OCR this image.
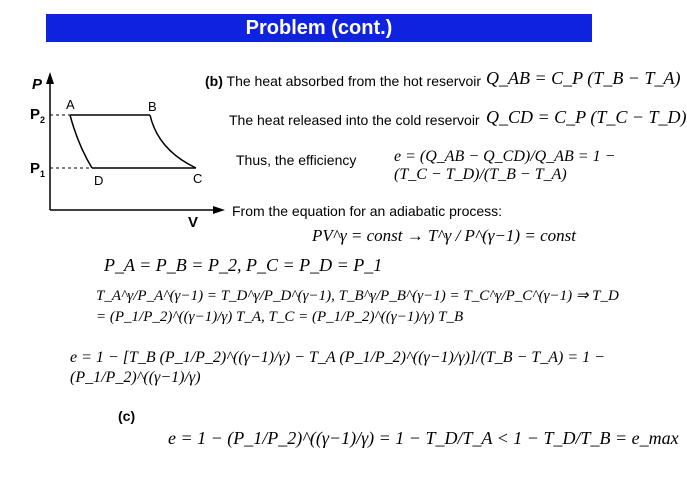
Problem (cont.)
P
V
$P_2$
$P_1$
A	B
C
D
(b) The heat absorbed from the hot reservoir Q_AB = C_P (T_B − T_A)
The heat released into the cold reservoir Q_CD = C_P (T_C − T_D)
Thus, the efficiency e = (Q_AB − Q_CD)/Q_AB = 1 − (T_C − T_D)/(T_B − T_A)
From the equation for an adiabatic process:
PV^γ = const → T^γ / P^(γ−1) = const
P_A = P_B = P_2, P_C = P_D = P_1
T_A^γ/P_A^(γ−1) = T_D^γ/P_D^(γ−1), T_B^γ/P_B^(γ−1) = T_C^γ/P_C^(γ−1) ⇒ T_D = (P_1/P_2)^((γ−1)/γ) T_A, T_C = (P_1/P_2)^((γ−1)/γ) T_B
e = 1 − [T_B (P_1/P_2)^((γ−1)/γ) − T_A (P_1/P_2)^((γ−1)/γ)]/(T_B − T_A) = 1 − (P_1/P_2)^((γ−1)/γ)
(c)
e = 1 − (P_1/P_2)^((γ−1)/γ) = 1 − T_D/T_A < 1 − T_D/T_B = e_max
